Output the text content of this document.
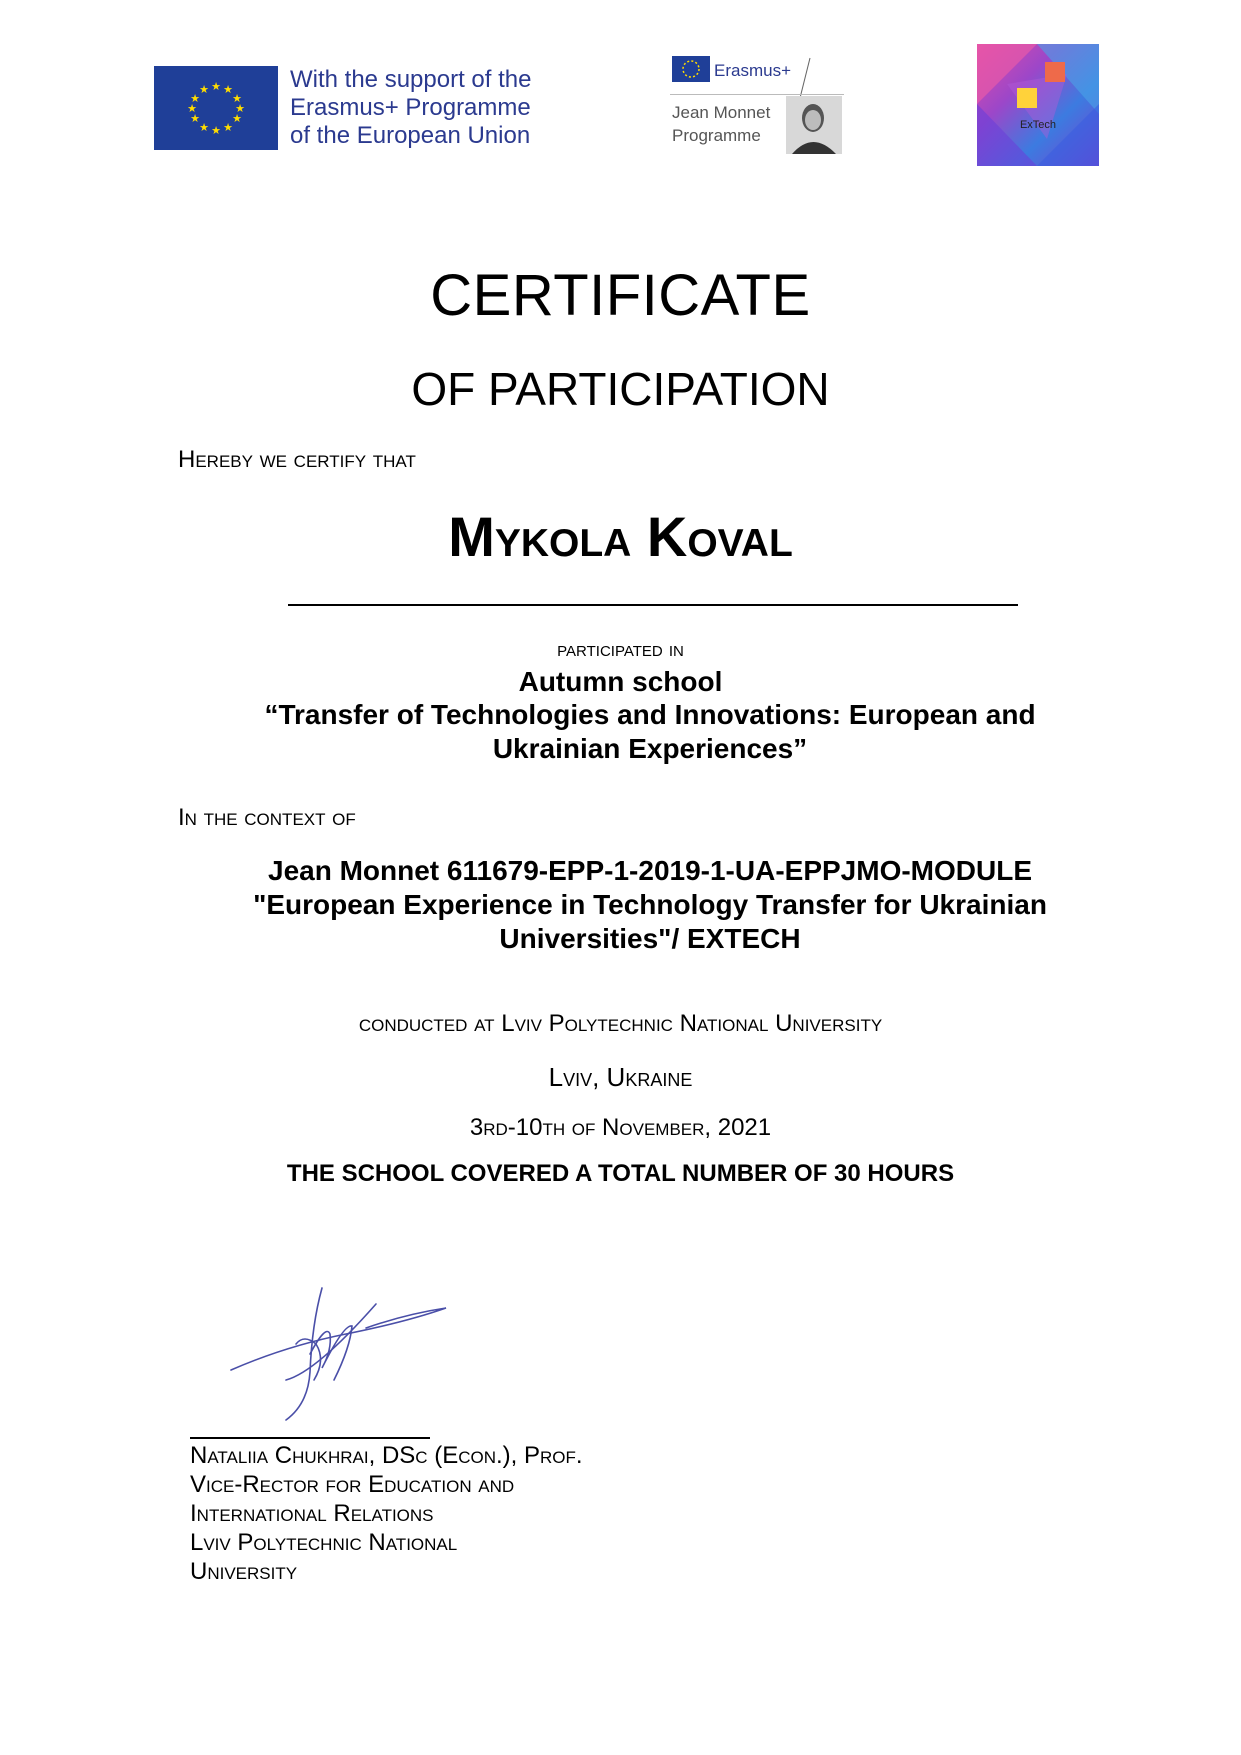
★ ★
★
★
★
★
★
★
★
★
★
★	With the support of the
Erasmus+ Programme
of the European Union
Erasmus+
Jean Monnet
Programme
ExTech
CERTIFICATE
OF PARTICIPATION
Hereby we certify that
Mykola Koval
participated in
Autumn school
“Transfer of Technologies and Innovations: European and Ukrainian Experiences”
In the context of
Jean Monnet 611679-EPP-1-2019-1-UA-EPPJMO-MODULE
"European Experience in Technology Transfer for Ukrainian Universities"/ EXTECH
conducted at Lviv Polytechnic National University
Lviv, Ukraine
3rd-10th of November, 2021
THE SCHOOL COVERED A TOTAL NUMBER OF 30 HOURS
Nataliia Chukhrai, DSc (Econ.), Prof.
Vice-Rector for Education and
International Relations
Lviv Polytechnic National
University
